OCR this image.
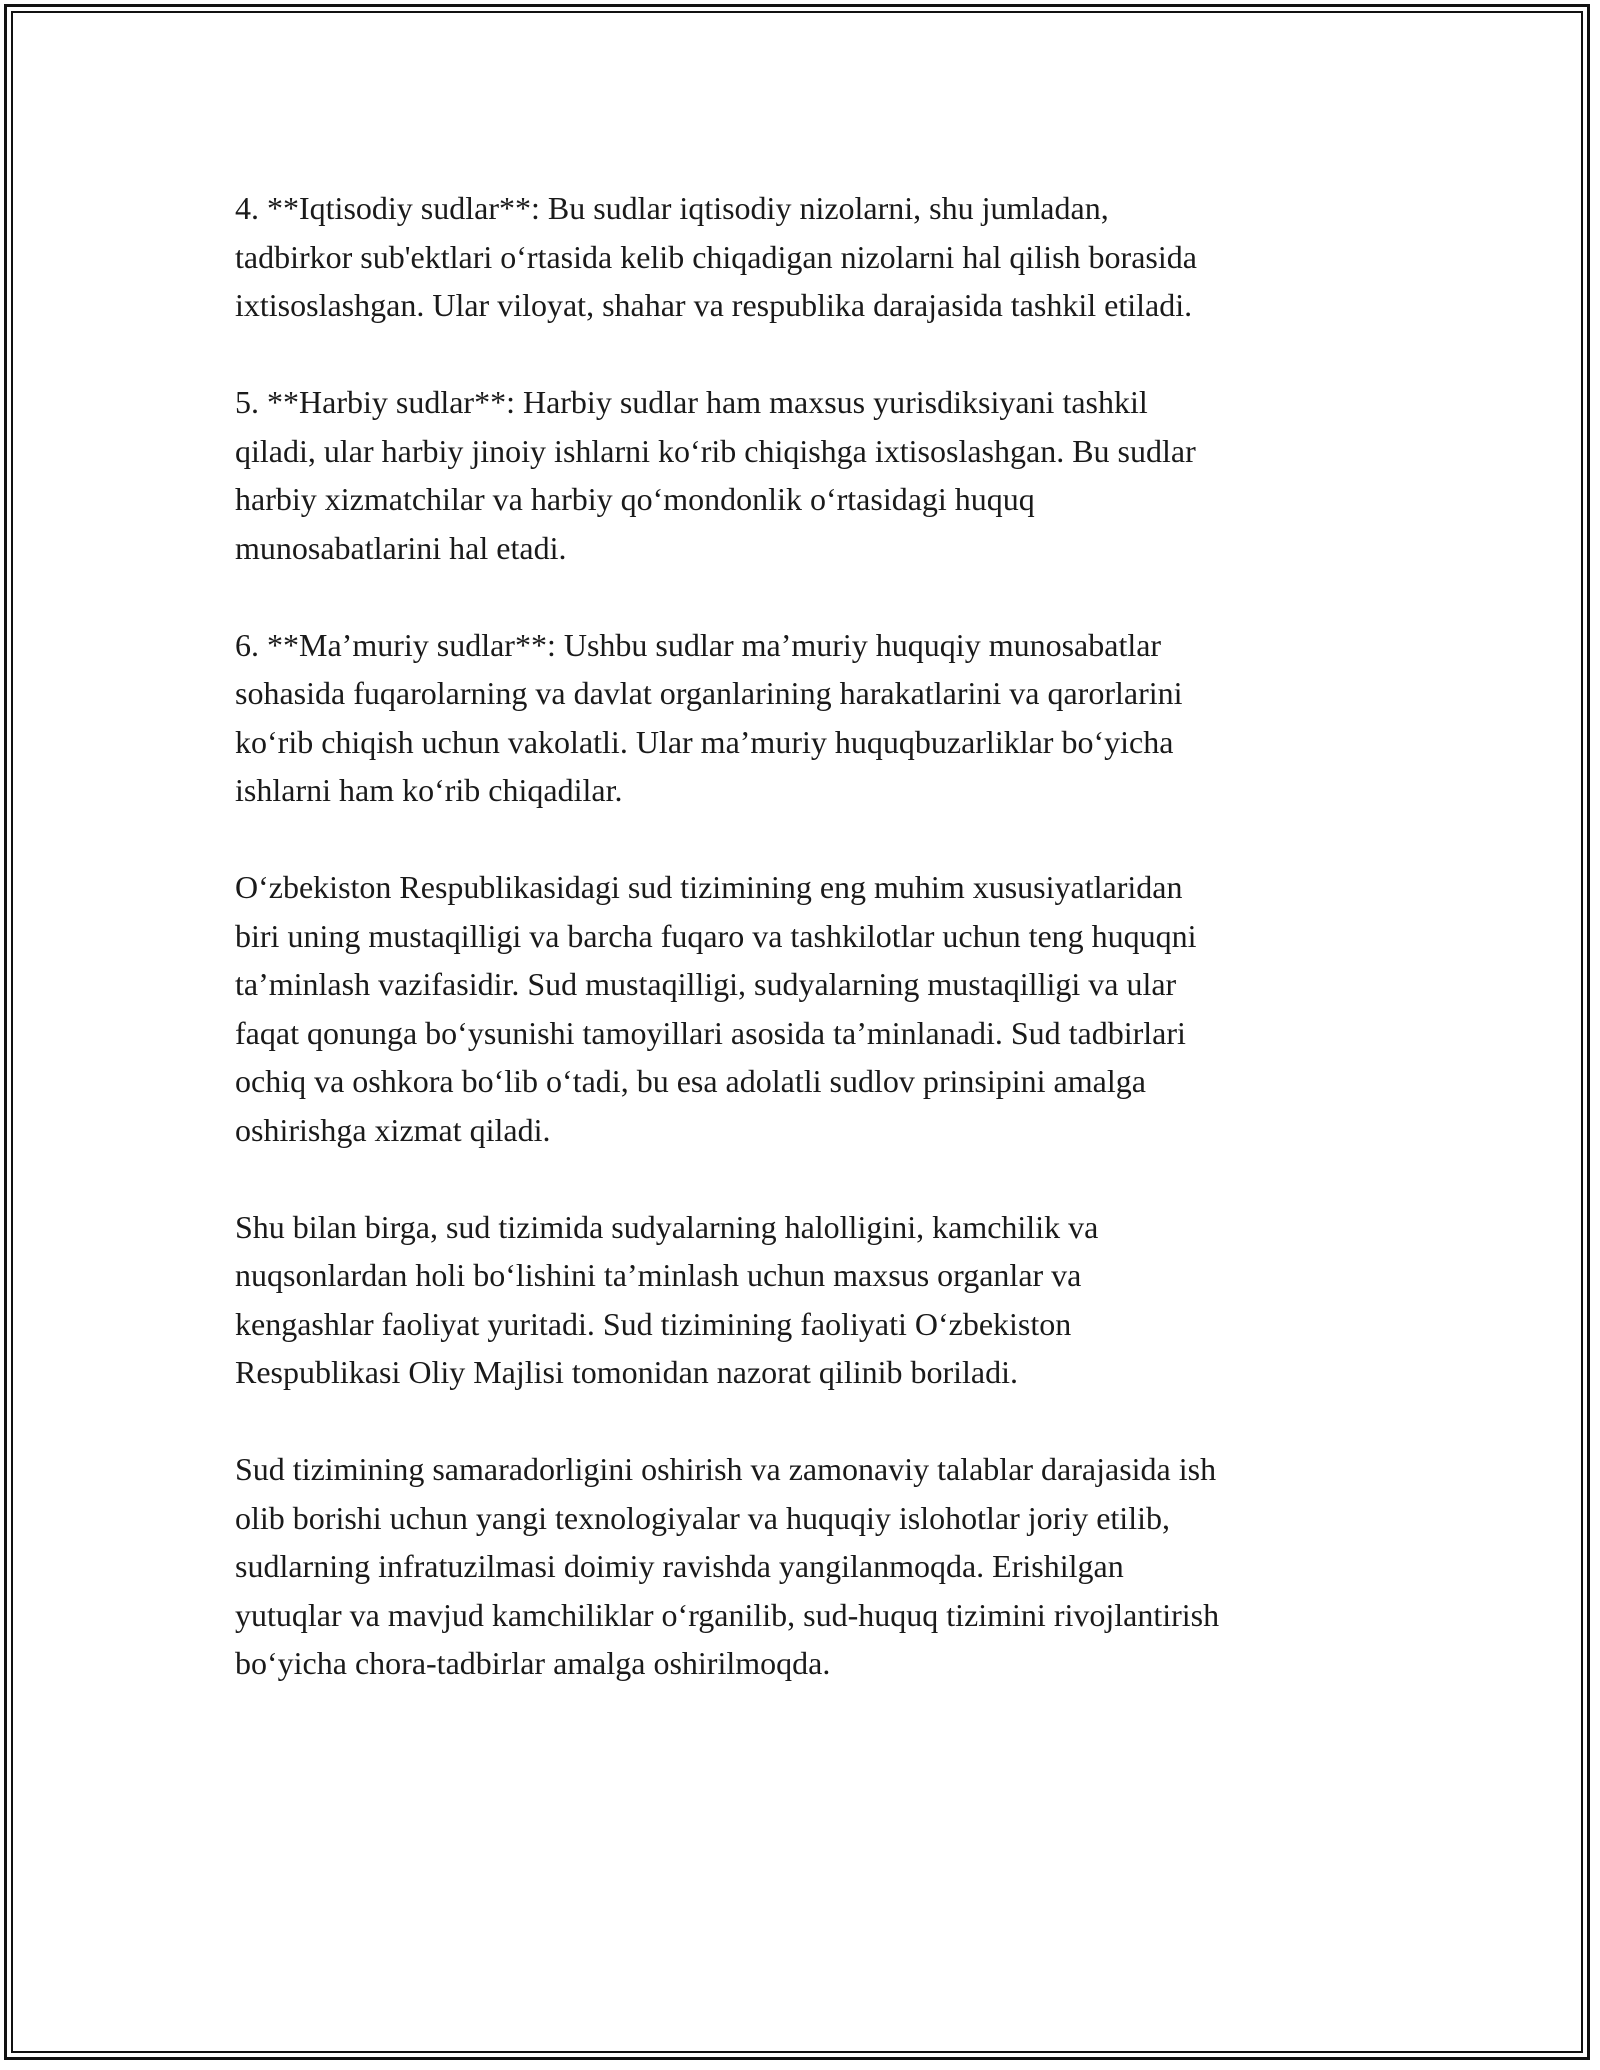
4. **Iqtisodiy sudlar**: Bu sudlar iqtisodiy nizolarni, shu jumladan,
tadbirkor sub'ektlari o‘rtasida kelib chiqadigan nizolarni hal qilish borasida
ixtisoslashgan. Ular viloyat, shahar va respublika darajasida tashkil etiladi.

5. **Harbiy sudlar**: Harbiy sudlar ham maxsus yurisdiksiyani tashkil
qiladi, ular harbiy jinoiy ishlarni ko‘rib chiqishga ixtisoslashgan. Bu sudlar
harbiy xizmatchilar va harbiy qo‘mondonlik o‘rtasidagi huquq
munosabatlarini hal etadi.

6. **Ma’muriy sudlar**: Ushbu sudlar ma’muriy huquqiy munosabatlar
sohasida fuqarolarning va davlat organlarining harakatlarini va qarorlarini
ko‘rib chiqish uchun vakolatli. Ular ma’muriy huquqbuzarliklar bo‘yicha
ishlarni ham ko‘rib chiqadilar.

O‘zbekiston Respublikasidagi sud tizimining eng muhim xususiyatlaridan
biri uning mustaqilligi va barcha fuqaro va tashkilotlar uchun teng huquqni
ta’minlash vazifasidir. Sud mustaqilligi, sudyalarning mustaqilligi va ular
faqat qonunga bo‘ysunishi tamoyillari asosida ta’minlanadi. Sud tadbirlari
ochiq va oshkora bo‘lib o‘tadi, bu esa adolatli sudlov prinsipini amalga
oshirishga xizmat qiladi.

Shu bilan birga, sud tizimida sudyalarning halolligini, kamchilik va
nuqsonlardan holi bo‘lishini ta’minlash uchun maxsus organlar va
kengashlar faoliyat yuritadi. Sud tizimining faoliyati O‘zbekiston
Respublikasi Oliy Majlisi tomonidan nazorat qilinib boriladi.

Sud tizimining samaradorligini oshirish va zamonaviy talablar darajasida ish
olib borishi uchun yangi texnologiyalar va huquqiy islohotlar joriy etilib,
sudlarning infratuzilmasi doimiy ravishda yangilanmoqda. Erishilgan
yutuqlar va mavjud kamchiliklar o‘rganilib, sud-huquq tizimini rivojlantirish
bo‘yicha chora-tadbirlar amalga oshirilmoqda.
